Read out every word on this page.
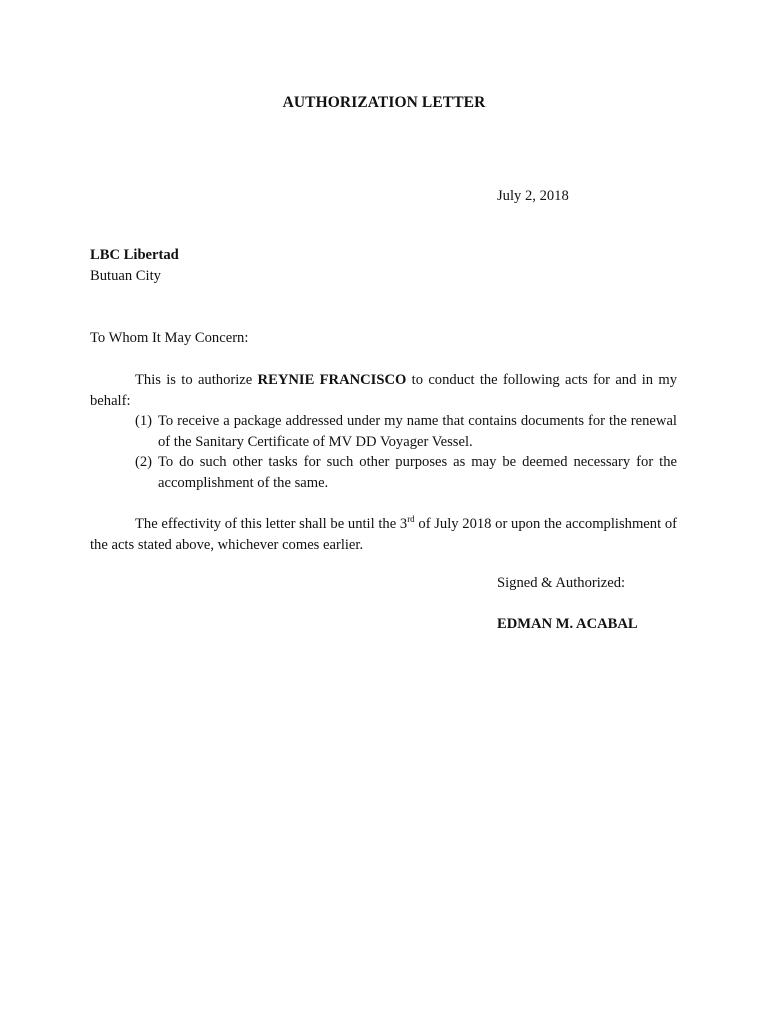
AUTHORIZATION LETTER
July 2, 2018
LBC Libertad
Butuan City
To Whom It May Concern:
This is to authorize REYNIE FRANCISCO to conduct the following acts for and in my behalf:
(1) To receive a package addressed under my name that contains documents for the renewal of the Sanitary Certificate of MV DD Voyager Vessel.
(2) To do such other tasks for such other purposes as may be deemed necessary for the accomplishment of the same.
The effectivity of this letter shall be until the 3rd of July 2018 or upon the accomplishment of the acts stated above, whichever comes earlier.
Signed & Authorized:
EDMAN M. ACABAL
